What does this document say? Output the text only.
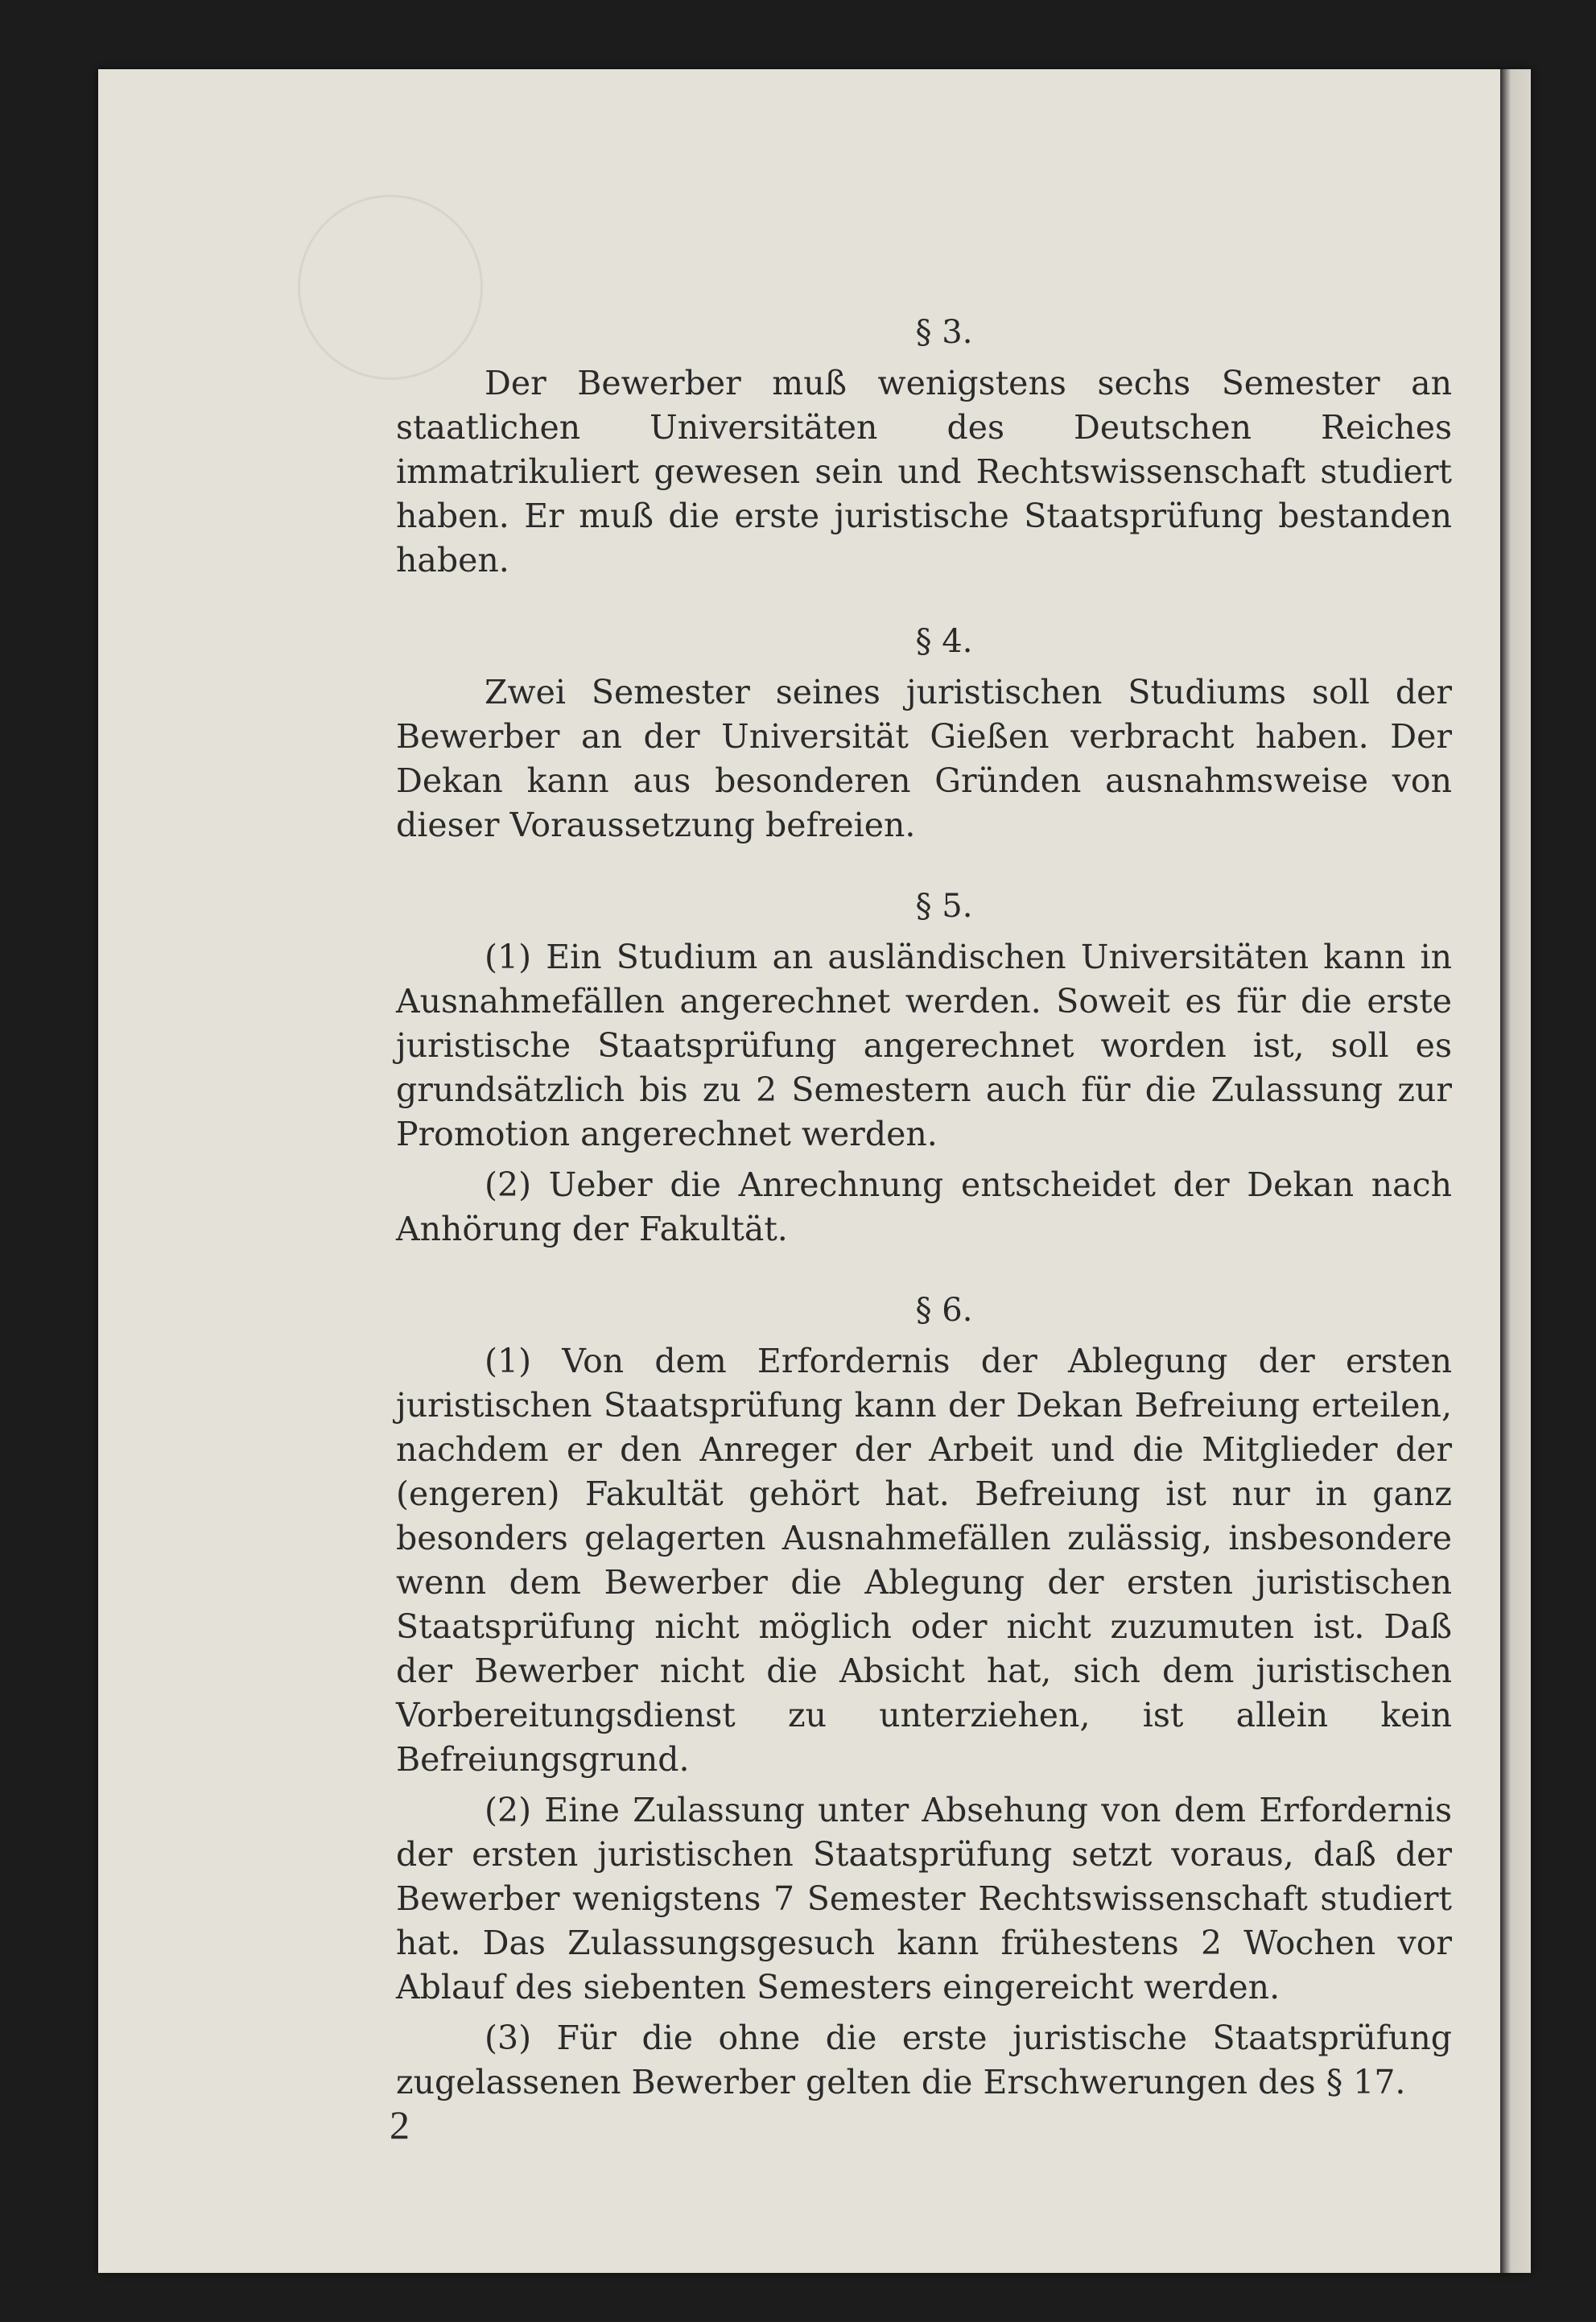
§ 3.

Der Bewerber muß wenigstens sechs Semester an staatlichen Universitäten des Deutschen Reiches immatrikuliert gewesen sein und Rechtswissenschaft studiert haben. Er muß die erste juristische Staatsprüfung bestanden haben.

§ 4.

Zwei Semester seines juristischen Studiums soll der Bewerber an der Universität Gießen verbracht haben. Der Dekan kann aus besonderen Gründen ausnahmsweise von dieser Voraussetzung befreien.

§ 5.

(1) Ein Studium an ausländischen Universitäten kann in Ausnahmefällen angerechnet werden. Soweit es für die erste juristische Staatsprüfung angerechnet worden ist, soll es grundsätzlich bis zu 2 Semestern auch für die Zulassung zur Promotion angerechnet werden.

(2) Ueber die Anrechnung entscheidet der Dekan nach Anhörung der Fakultät.

§ 6.

(1) Von dem Erfordernis der Ablegung der ersten juristischen Staatsprüfung kann der Dekan Befreiung erteilen, nachdem er den Anreger der Arbeit und die Mitglieder der (engeren) Fakultät gehört hat. Befreiung ist nur in ganz besonders gelagerten Ausnahmefällen zulässig, insbesondere wenn dem Bewerber die Ablegung der ersten juristischen Staatsprüfung nicht möglich oder nicht zuzumuten ist. Daß der Bewerber nicht die Absicht hat, sich dem juristischen Vorbereitungsdienst zu unterziehen, ist allein kein Befreiungsgrund.

(2) Eine Zulassung unter Absehung von dem Erfordernis der ersten juristischen Staatsprüfung setzt voraus, daß der Bewerber wenigstens 7 Semester Rechtswissenschaft studiert hat. Das Zulassungsgesuch kann frühestens 2 Wochen vor Ablauf des siebenten Semesters eingereicht werden.

(3) Für die ohne die erste juristische Staatsprüfung zugelassenen Bewerber gelten die Erschwerungen des § 17.

2
